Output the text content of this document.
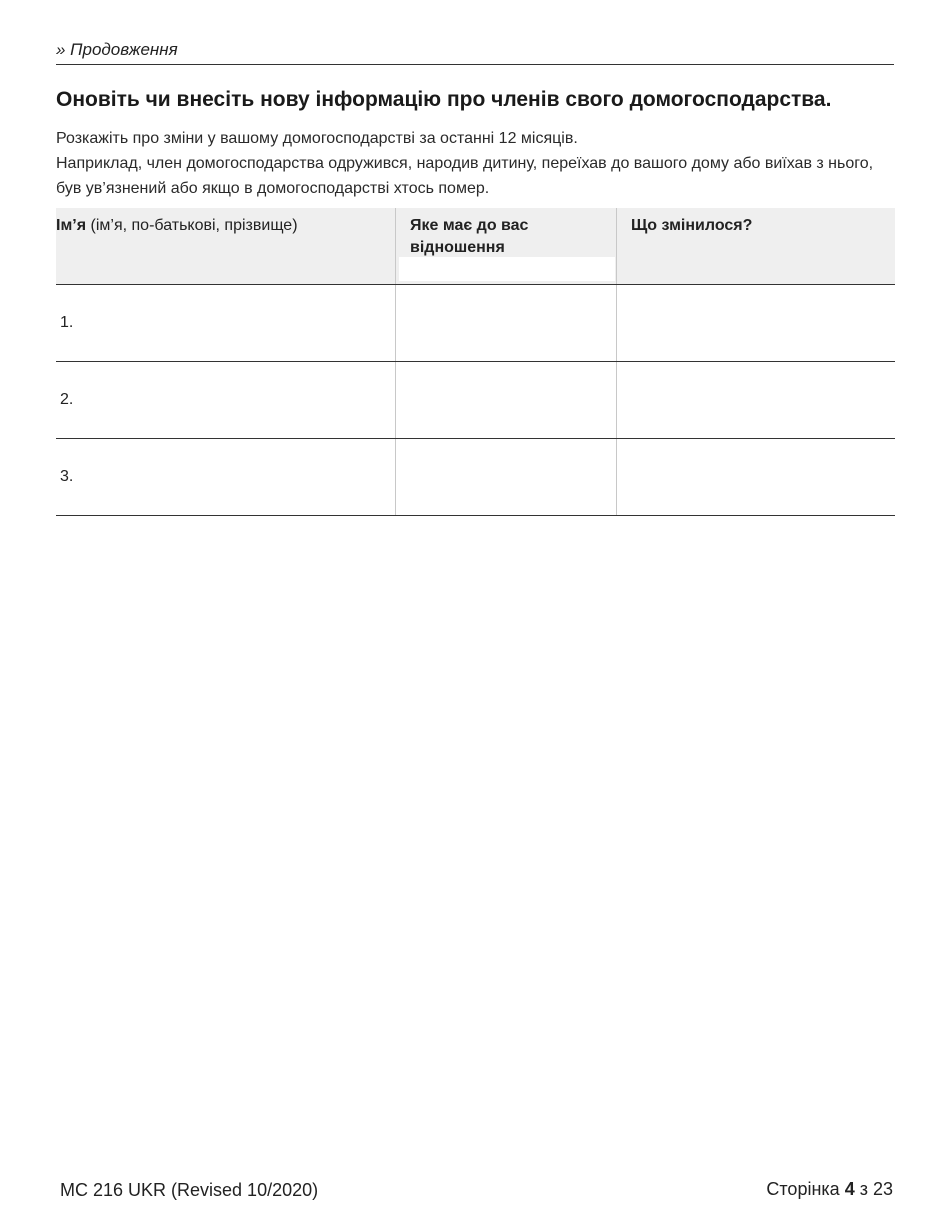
» Продовження
Оновіть чи внесіть нову інформацію про членів свого домогосподарства.

Розкажіть про зміни у вашому домогосподарстві за останні 12 місяців.

Наприклад, член домогосподарства одружився, народив дитину, переїхав до вашого дому або виїхав з нього, був ув’язнений або якщо в домогосподарстві хтось помер.

Ім’я (ім’я, по-батькові, прізвище)	Яке має до вас відношення
Що змінилося?
1.
2.
3.
MC 216 UKR (Revised 10/2020)	Сторінка 4 з 23
